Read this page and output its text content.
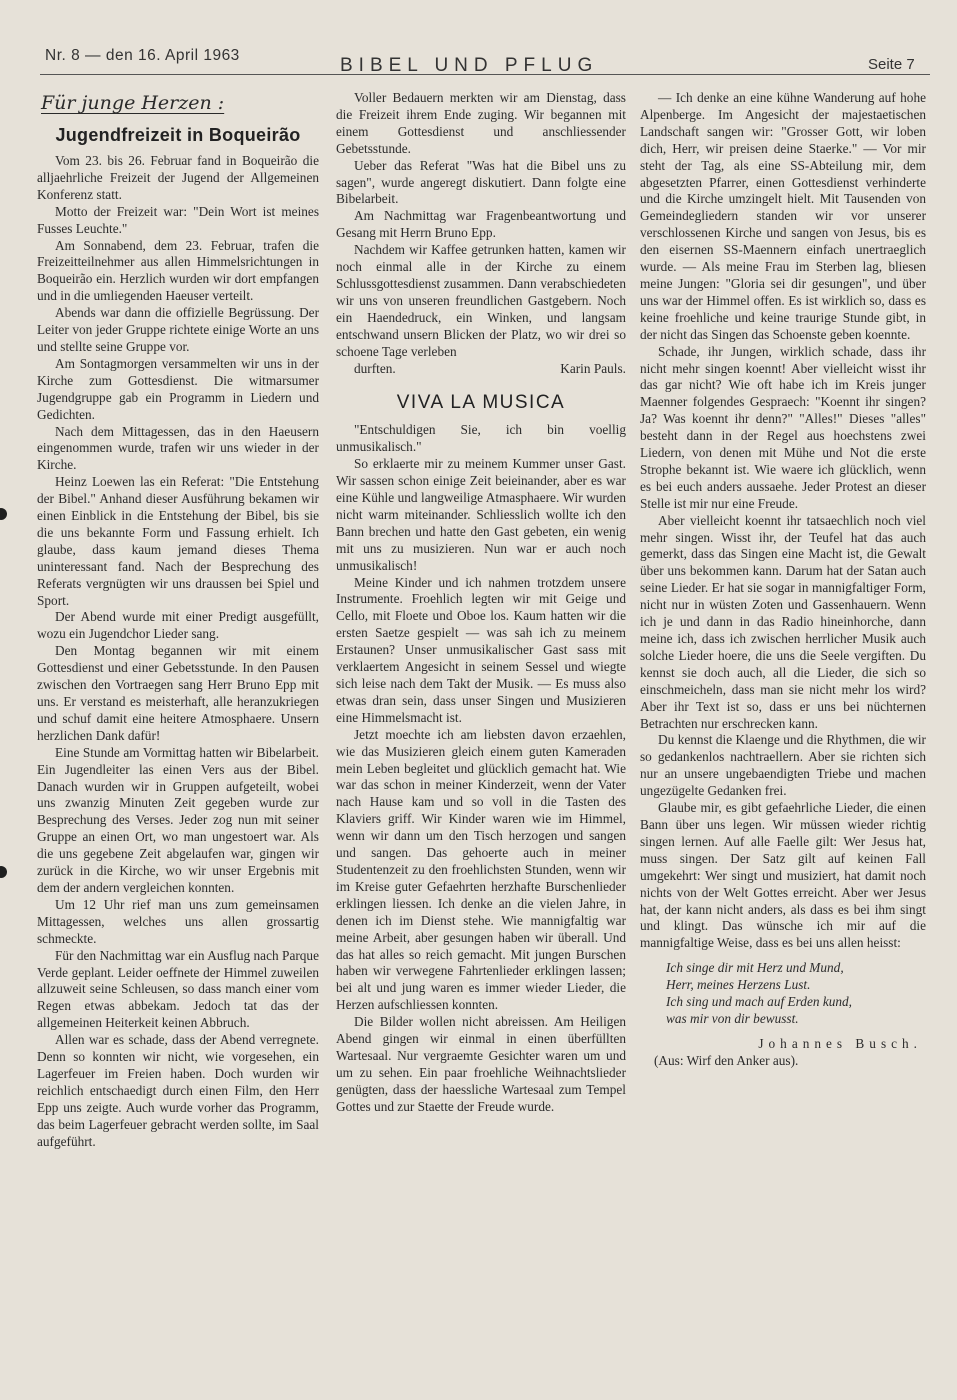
Nr. 8 — den 16. April 1963	BIBEL UND PFLUG	Seite 7
Für junge Herzen :
Jugendfreizeit in Boqueirão

Vom 23. bis 26. Februar fand in Boqueirão die alljaehrliche Freizeit der Jugend der Allgemeinen Konferenz statt.

Motto der Freizeit war: "Dein Wort ist meines Fusses Leuchte."

Am Sonnabend, dem 23. Februar, trafen die Freizeitteilnehmer aus allen Himmelsrichtungen in Boqueirão ein. Herzlich wurden wir dort empfangen und in die umliegenden Haeuser verteilt.

Abends war dann die offizielle Begrüssung. Der Leiter von jeder Gruppe richtete einige Worte an uns und stellte seine Gruppe vor.

Am Sontagmorgen versammelten wir uns in der Kirche zum Gottesdienst. Die witmarsumer Jugendgruppe gab ein Programm in Liedern und Gedichten.

Nach dem Mittagessen, das in den Haeusern eingenommen wurde, trafen wir uns wieder in der Kirche.

Heinz Loewen las ein Referat: "Die Entstehung der Bibel." Anhand dieser Ausführung bekamen wir einen Einblick in die Entstehung der Bibel, bis sie die uns bekannte Form und Fassung erhielt. Ich glaube, dass kaum jemand dieses Thema uninteressant fand. Nach der Besprechung des Referats vergnügten wir uns draussen bei Spiel und Sport.

Der Abend wurde mit einer Predigt ausgefüllt, wozu ein Jugendchor Lieder sang.

Den Montag begannen wir mit einem Gottesdienst und einer Gebetsstunde. In den Pausen zwischen den Vortraegen sang Herr Bruno Epp mit uns. Er verstand es meisterhaft, alle heranzukriegen und schuf damit eine heitere Atmosphaere. Unsern herzlichen Dank dafür!

Eine Stunde am Vormittag hatten wir Bibelarbeit. Ein Jugendleiter las einen Vers aus der Bibel. Danach wurden wir in Gruppen aufgeteilt, wobei uns zwanzig Minuten Zeit gegeben wurde zur Besprechung des Verses. Jeder zog nun mit seiner Gruppe an einen Ort, wo man ungestoert war. Als die uns gegebene Zeit abgelaufen war, gingen wir zurück in die Kirche, wo wir unser Ergebnis mit dem der andern vergleichen konnten.

Um 12 Uhr rief man uns zum gemeinsamen Mittagessen, welches uns allen grossartig schmeckte.

Für den Nachmittag war ein Ausflug nach Parque Verde geplant. Leider oeffnete der Himmel zuweilen allzuweit seine Schleusen, so dass manch einer vom Regen etwas abbekam. Jedoch tat das der allgemeinen Heiterkeit keinen Abbruch.

Allen war es schade, dass der Abend verregnete. Denn so konnten wir nicht, wie vorgesehen, ein Lagerfeuer im Freien haben. Doch wurden wir reichlich entschaedigt durch einen Film, den Herr Epp uns zeigte. Auch wurde vorher das Programm, das beim Lagerfeuer gebracht werden sollte, im Saal aufgeführt.

Voller Bedauern merkten wir am Dienstag, dass die Freizeit ihrem Ende zuging. Wir begannen mit einem Gottesdienst und anschliessender Gebetsstunde.

Ueber das Referat "Was hat die Bibel uns zu sagen", wurde angeregt diskutiert. Dann folgte eine Bibelarbeit.

Am Nachmittag war Fragenbeantwortung und Gesang mit Herrn Bruno Epp.

Nachdem wir Kaffee getrunken hatten, kamen wir noch einmal alle in der Kirche zu einem Schlussgottesdienst zusammen. Dann verabschiedeten wir uns von unseren freundlichen Gastgebern. Noch ein Haendedruck, ein Winken, und langsam entschwand unsern Blicken der Platz, wo wir drei so schoene Tage verleben

durften.	Karin Pauls.

VIVA LA MUSICA

"Entschuldigen Sie, ich bin voellig unmusikalisch."

So erklaerte mir zu meinem Kummer unser Gast. Wir sassen schon einige Zeit beieinander, aber es war eine Kühle und langweilige Atmasphaere. Wir wurden nicht warm miteinander. Schliesslich wollte ich den Bann brechen und hatte den Gast gebeten, ein wenig mit uns zu musizieren. Nun war er auch noch unmusikalisch!

Meine Kinder und ich nahmen trotzdem unsere Instrumente. Froehlich legten wir mit Geige und Cello, mit Floete und Oboe los. Kaum hatten wir die ersten Saetze gespielt — was sah ich zu meinem Erstaunen? Unser unmusikalischer Gast sass mit verklaertem Angesicht in seinem Sessel und wiegte sich leise nach dem Takt der Musik. — Es muss also etwas dran sein, dass unser Singen und Musizieren eine Himmelsmacht ist.

Jetzt moechte ich am liebsten davon erzaehlen, wie das Musizieren gleich einem guten Kameraden mein Leben begleitet und glücklich gemacht hat. Wie war das schon in meiner Kinderzeit, wenn der Vater nach Hause kam und so voll in die Tasten des Klaviers griff. Wir Kinder waren wie im Himmel, wenn wir dann um den Tisch herzogen und sangen und sangen. Das gehoerte auch in meiner Studentenzeit zu den froehlichsten Stunden, wenn wir im Kreise guter Gefaehrten herzhafte Burschenlieder erklingen liessen. Ich denke an die vielen Jahre, in denen ich im Dienst stehe. Wie mannigfaltig war meine Arbeit, aber gesungen haben wir überall. Und das hat alles so reich gemacht. Mit jungen Burschen haben wir verwegene Fahrtenlieder erklingen lassen; bei alt und jung waren es immer wieder Lieder, die Herzen aufschliessen konnten.

Die Bilder wollen nicht abreissen. Am Heiligen Abend gingen wir einmal in einen überfüllten Wartesaal. Nur vergraemte Gesichter waren um und um zu sehen. Ein paar froehliche Weihnachtslieder genügten, dass der haessliche Wartesaal zum Tempel Gottes und zur Staette der Freude wurde.

— Ich denke an eine kühne Wanderung auf hohe Alpenberge. Im Angesicht der majestaetischen Landschaft sangen wir: "Grosser Gott, wir loben dich, Herr, wir preisen deine Staerke." — Vor mir steht der Tag, als eine SS-Abteilung mir, dem abgesetzten Pfarrer, einen Gottesdienst verhinderte und die Kirche umzingelt hielt. Mit Tausenden von Gemeindegliedern standen wir vor unserer verschlossenen Kirche und sangen von Jesus, bis es den eisernen SS-Maennern einfach unertraeglich wurde. — Als meine Frau im Sterben lag, bliesen meine Jungen: "Gloria sei dir gesungen", und über uns war der Himmel offen. Es ist wirklich so, dass es keine froehliche und keine traurige Stunde gibt, in der nicht das Singen das Schoenste geben koennte.

Schade, ihr Jungen, wirklich schade, dass ihr nicht mehr singen koennt! Aber vielleicht wisst ihr das gar nicht? Wie oft habe ich im Kreis junger Maenner folgendes Gespraech: "Koennt ihr singen? Ja? Was koennt ihr denn?" "Alles!" Dieses "alles" besteht dann in der Regel aus hoechstens zwei Liedern, von denen mit Mühe und Not die erste Strophe bekannt ist. Wie waere ich glücklich, wenn es bei euch anders aussaehe. Jeder Protest an dieser Stelle ist mir nur eine Freude.

Aber vielleicht koennt ihr tatsaechlich noch viel mehr singen. Wisst ihr, der Teufel hat das auch gemerkt, dass das Singen eine Macht ist, die Gewalt über uns bekommen kann. Darum hat der Satan auch seine Lieder. Er hat sie sogar in mannigfaltiger Form, nicht nur in wüsten Zoten und Gassenhauern. Wenn ich je und dann in das Radio hineinhorche, dann meine ich, dass ich zwischen herrlicher Musik auch solche Lieder hoere, die uns die Seele vergiften. Du kennst sie doch auch, all die Lieder, die sich so einschmeicheln, dass man sie nicht mehr los wird? Aber ihr Text ist so, dass er uns bei nüchternen Betrachten nur erschrecken kann.

Du kennst die Klaenge und die Rhythmen, die wir so gedankenlos nachtraellern. Aber sie richten sich nur an unsere ungebaendigten Triebe und machen ungezügelte Gedanken frei.

Glaube mir, es gibt gefaehrliche Lieder, die einen Bann über uns legen. Wir müssen wieder richtig singen lernen. Auf alle Faelle gilt: Wer Jesus hat, muss singen. Der Satz gilt auf keinen Fall umgekehrt: Wer singt und musiziert, hat damit noch nichts von der Welt Gottes erreicht. Aber wer Jesus hat, der kann nicht anders, als dass es bei ihm singt und klingt. Das wünsche ich mir auf die mannigfaltige Weise, dass es bei uns allen heisst:

Ich singe dir mit Herz und Mund,
Herr, meines Herzens Lust.
Ich sing und mach auf Erden kund,
was mir von dir bewusst.
Johannes Busch.
(Aus: Wirf den Anker aus).
